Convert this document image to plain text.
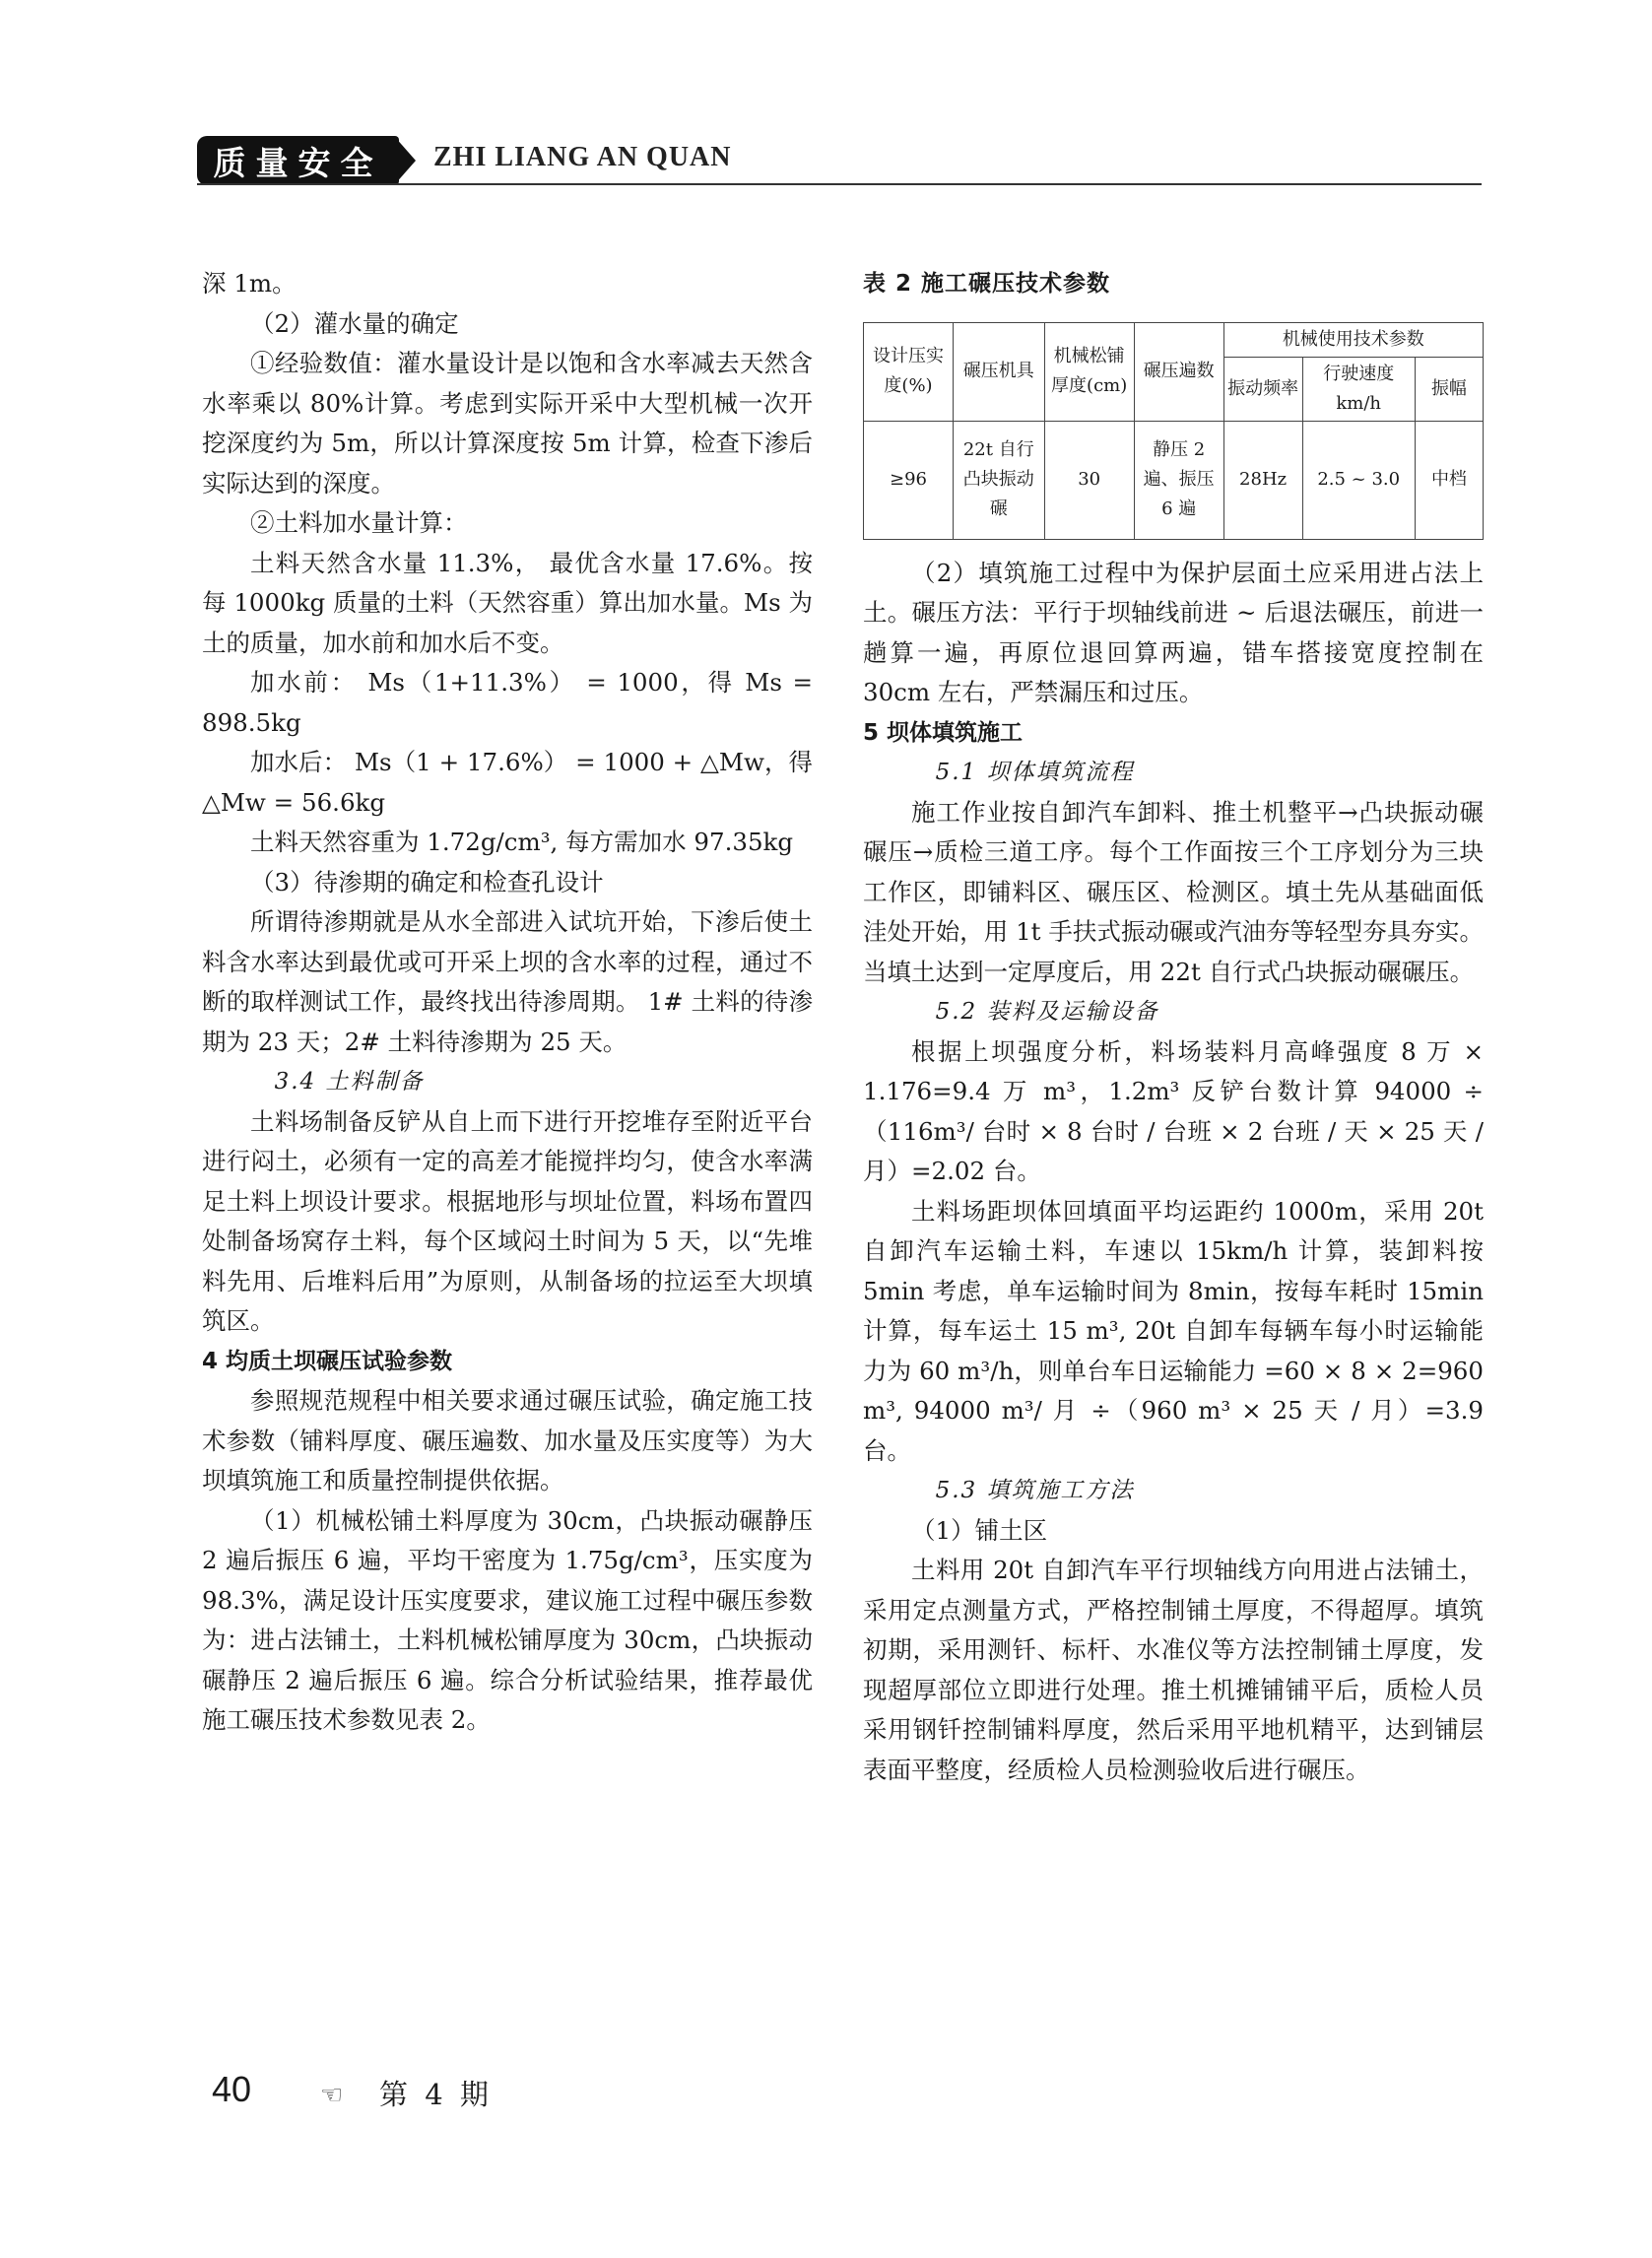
质量安全	ZHI LIANG AN QUAN

深 1m。

（2）灌水量的确定

①经验数值：灌水量设计是以饱和含水率减去天然含水率乘以 80%计算。考虑到实际开采中大型机械一次开挖深度约为 5m，所以计算深度按 5m 计算，检查下渗后实际达到的深度。

②土料加水量计算：

土料天然含水量 11.3%， 最优含水量 17.6%。按每 1000kg 质量的土料（天然容重）算出加水量。Ms 为土的质量，加水前和加水后不变。

加水前： Ms（1+11.3%） = 1000，得 Ms = 898.5kg

加水后： Ms（1 + 17.6%） = 1000 + △Mw，得△Mw = 56.6kg

土料天然容重为 1.72g/cm³, 每方需加水 97.35kg

（3）待渗期的确定和检查孔设计

所谓待渗期就是从水全部进入试坑开始，下渗后使土料含水率达到最优或可开采上坝的含水率的过程，通过不断的取样测试工作，最终找出待渗周期。 1# 土料的待渗期为 23 天；2# 土料待渗期为 25 天。

3.4 土料制备

土料场制备反铲从自上而下进行开挖堆存至附近平台进行闷土，必须有一定的高差才能搅拌均匀，使含水率满足土料上坝设计要求。根据地形与坝址位置，料场布置四处制备场窝存土料，每个区域闷土时间为 5 天，以“先堆料先用、后堆料后用”为原则，从制备场的拉运至大坝填筑区。

4 均质土坝碾压试验参数

参照规范规程中相关要求通过碾压试验，确定施工技术参数（铺料厚度、碾压遍数、加水量及压实度等）为大坝填筑施工和质量控制提供依据。

（1）机械松铺土料厚度为 30cm，凸块振动碾静压 2 遍后振压 6 遍，平均干密度为 1.75g/cm³，压实度为 98.3%，满足设计压实度要求，建议施工过程中碾压参数为：进占法铺土，土料机械松铺厚度为 30cm，凸块振动碾静压 2 遍后振压 6 遍。综合分析试验结果，推荐最优施工碾压技术参数见表 2。

表 2 施工碾压技术参数

设计压实度(%)	碾压机具	机械松铺厚度(cm)	碾压遍数	机械使用技术参数		
				振动频率	行驶速度km/h	振幅
≥96	22t 自行凸块振动碾	30	静压 2 遍、振压 6 遍	28Hz	2.5 ~ 3.0	中档

（2）填筑施工过程中为保护层面土应采用进占法上土。碾压方法：平行于坝轴线前进 ~ 后退法碾压，前进一趟算一遍，再原位退回算两遍，错车搭接宽度控制在 30cm 左右，严禁漏压和过压。

5 坝体填筑施工

5.1 坝体填筑流程

施工作业按自卸汽车卸料、推土机整平→凸块振动碾碾压→质检三道工序。每个工作面按三个工序划分为三块工作区，即铺料区、碾压区、检测区。填土先从基础面低洼处开始，用 1t 手扶式振动碾或汽油夯等轻型夯具夯实。当填土达到一定厚度后，用 22t 自行式凸块振动碾碾压。

5.2 装料及运输设备

根据上坝强度分析，料场装料月高峰强度 8 万 × 1.176=9.4 万 m³，1.2m³ 反铲台数计算 94000 ÷（116m³/ 台时 × 8 台时 / 台班 × 2 台班 / 天 × 25 天 / 月）=2.02 台。

土料场距坝体回填面平均运距约 1000m，采用 20t 自卸汽车运输土料，车速以 15km/h 计算，装卸料按 5min 考虑，单车运输时间为 8min，按每车耗时 15min 计算，每车运土 15 m³, 20t 自卸车每辆车每小时运输能力为 60 m³/h，则单台车日运输能力 =60 × 8 × 2=960 m³, 94000 m³/ 月 ÷（960 m³ × 25 天 / 月）=3.9 台。

5.3 填筑施工方法

（1）铺土区

土料用 20t 自卸汽车平行坝轴线方向用进占法铺土，采用定点测量方式，严格控制铺土厚度，不得超厚。填筑初期，采用测钎、标杆、水准仪等方法控制铺土厚度，发现超厚部位立即进行处理。推土机摊铺铺平后，质检人员采用钢钎控制铺料厚度，然后采用平地机精平，达到铺层表面平整度，经质检人员检测验收后进行碾压。

40	☜ 第 4 期
